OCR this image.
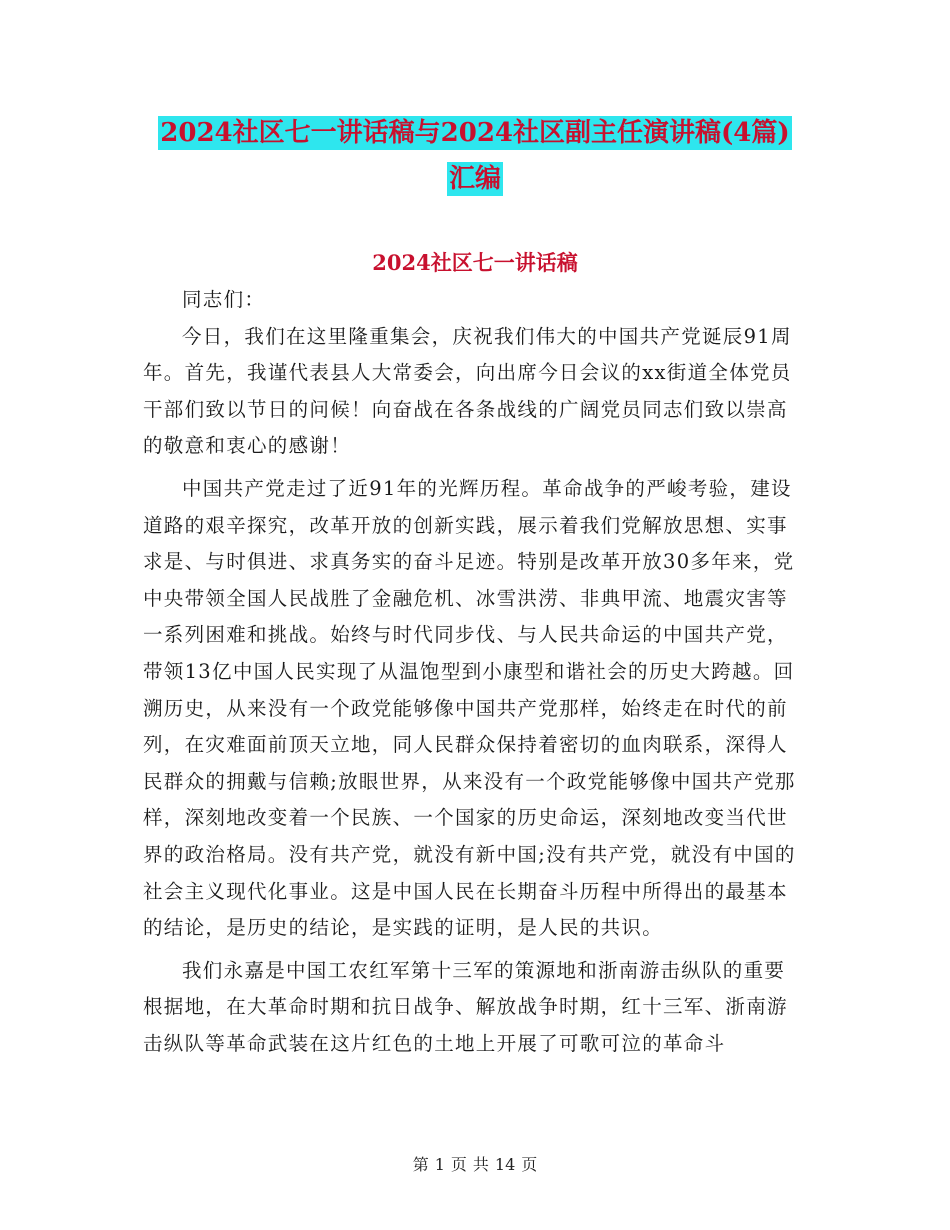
2024社区七一讲话稿与2024社区副主任演讲稿(4篇)
汇编
2024社区七一讲话稿

同志们：

今日，我们在这里隆重集会，庆祝我们伟大的中国共产党诞辰91周年。首先，我谨代表县人大常委会，向出席今日会议的xx街道全体党员干部们致以节日的问候！向奋战在各条战线的广阔党员同志们致以崇高的敬意和衷心的感谢！

中国共产党走过了近91年的光辉历程。革命战争的严峻考验，建设道路的艰辛探究，改革开放的创新实践，展示着我们党解放思想、实事求是、与时俱进、求真务实的奋斗足迹。特别是改革开放30多年来，党中央带领全国人民战胜了金融危机、冰雪洪涝、非典甲流、地震灾害等一系列困难和挑战。始终与时代同步伐、与人民共命运的中国共产党，带领13亿中国人民实现了从温饱型到小康型和谐社会的历史大跨越。回溯历史，从来没有一个政党能够像中国共产党那样，始终走在时代的前列，在灾难面前顶天立地，同人民群众保持着密切的血肉联系，深得人民群众的拥戴与信赖;放眼世界，从来没有一个政党能够像中国共产党那样，深刻地改变着一个民族、一个国家的历史命运，深刻地改变当代世界的政治格局。没有共产党，就没有新中国;没有共产党，就没有中国的社会主义现代化事业。这是中国人民在长期奋斗历程中所得出的最基本的结论，是历史的结论，是实践的证明，是人民的共识。

我们永嘉是中国工农红军第十三军的策源地和浙南游击纵队的重要根据地，在大革命时期和抗日战争、解放战争时期，红十三军、浙南游击纵队等革命武装在这片红色的土地上开展了可歌可泣的革命斗

第 1 页 共 14 页
